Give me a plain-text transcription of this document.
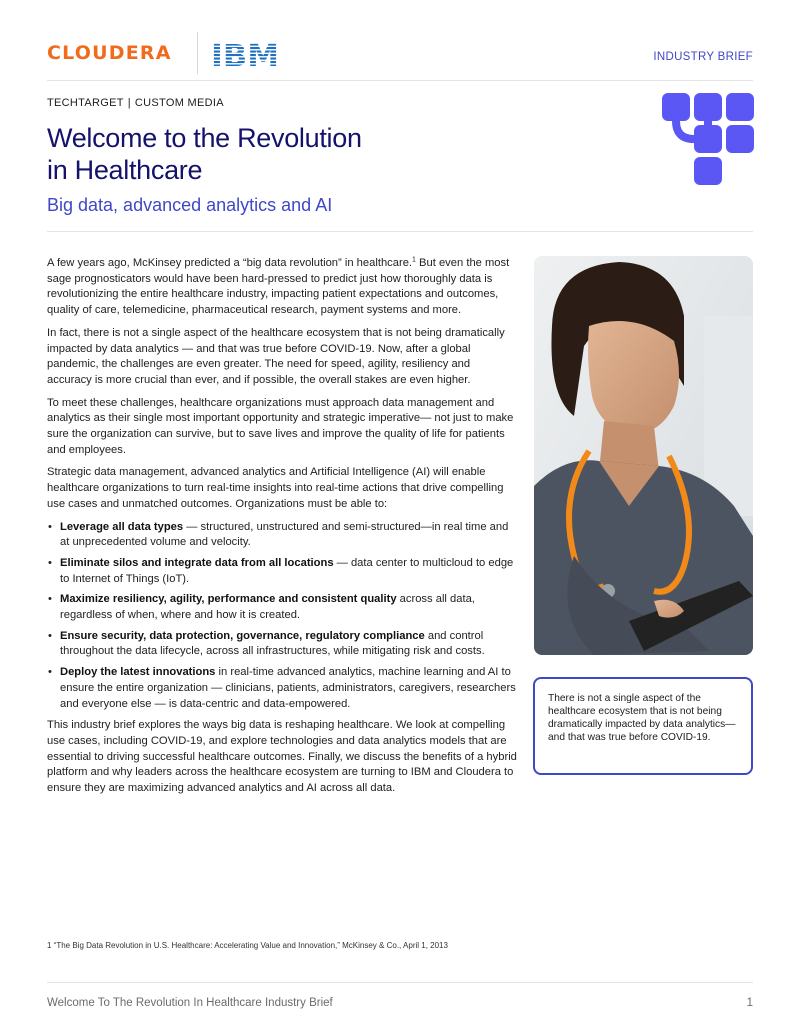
CLOUDERA	INDUSTRY BRIEF
TECHTARGET | CUSTOM MEDIA
Welcome to the Revolution
in Healthcare
Big data, advanced analytics and AI

A few years ago, McKinsey predicted a “big data revolution” in healthcare.$^1$ But even the most sage prognosticators would have been hard-pressed to predict just how thoroughly data is revolutionizing the entire healthcare industry, impacting patient expectations and outcomes, quality of care, telemedicine, pharmaceutical research, payment systems and more.

In fact, there is not a single aspect of the healthcare ecosystem that is not being dramatically impacted by data analytics — and that was true before COVID-19. Now, after a global pandemic, the challenges are even greater. The need for speed, agility, resiliency and accuracy is more crucial than ever, and if possible, the overall stakes are even higher.

To meet these challenges, healthcare organizations must approach data management and analytics as their single most important opportunity and strategic imperative— not just to make sure the organization can survive, but to save lives and improve the quality of life for patients and employees.

Strategic data management, advanced analytics and Artificial Intelligence (AI) will enable healthcare organizations to turn real-time insights into real-time actions that drive compelling use cases and unmatched outcomes. Organizations must be able to:

• Leverage all data types — structured, unstructured and semi-structured—in real time and at unprecedented volume and velocity.
• Eliminate silos and integrate data from all locations — data center to multicloud to edge to Internet of Things (IoT).
• Maximize resiliency, agility, performance and consistent quality across all data, regardless of when, where and how it is created.
• Ensure security, data protection, governance, regulatory compliance and control throughout the data lifecycle, across all infrastructures, while mitigating risk and costs.
• Deploy the latest innovations in real-time advanced analytics, machine learning and AI to ensure the entire organization — clinicians, patients, administrators, caregivers, researchers and everyone else — is data-centric and data-empowered.

This industry brief explores the ways big data is reshaping healthcare. We look at compelling use cases, including COVID-19, and explore technologies and data analytics models that are essential to driving successful healthcare outcomes. Finally, we discuss the benefits of a hybrid platform and why leaders across the healthcare ecosystem are turning to IBM and Cloudera to ensure they are maximizing advanced analytics and AI across all data.

There is not a single aspect of the healthcare ecosystem that is not being dramatically impacted by data analytics—and that was true before COVID-19.
1 “The Big Data Revolution in U.S. Healthcare: Accelerating Value and Innovation,” McKinsey & Co., April 1, 2013
Welcome To The Revolution In Healthcare Industry Brief	1
